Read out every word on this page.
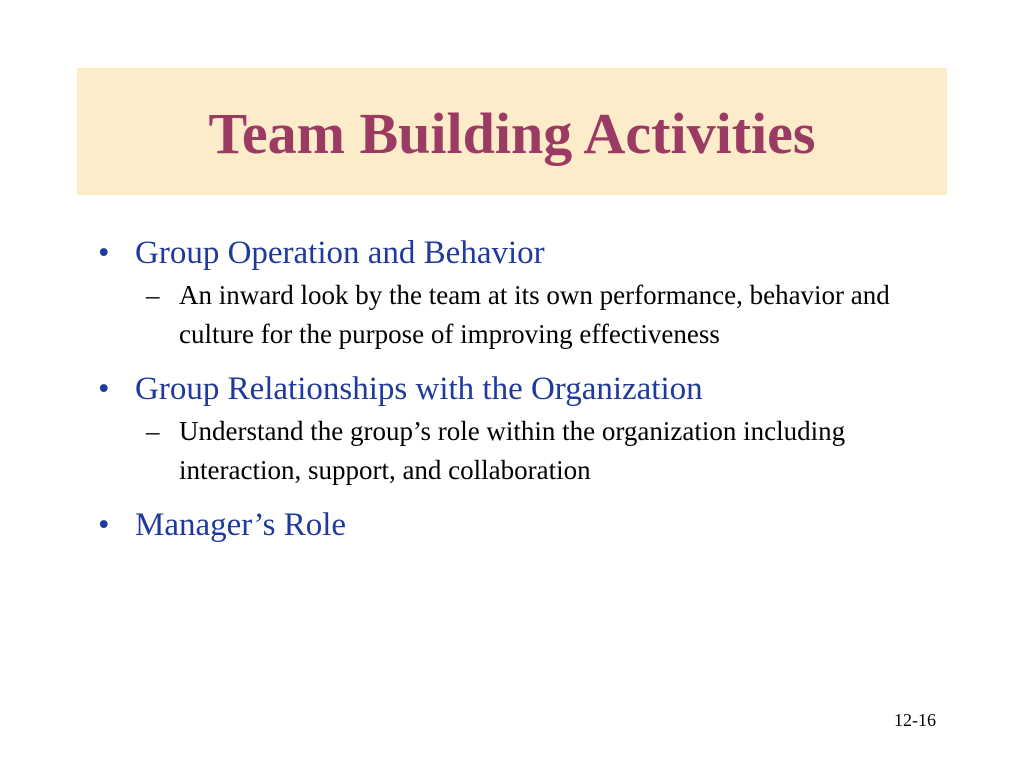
Team Building Activities
• Group Operation and Behavior
– An inward look by the team at its own performance, behavior and culture for the purpose of improving effectiveness
• Group Relationships with the Organization
– Understand the group’s role within the organization including interaction, support, and collaboration
• Manager’s Role
12-16
